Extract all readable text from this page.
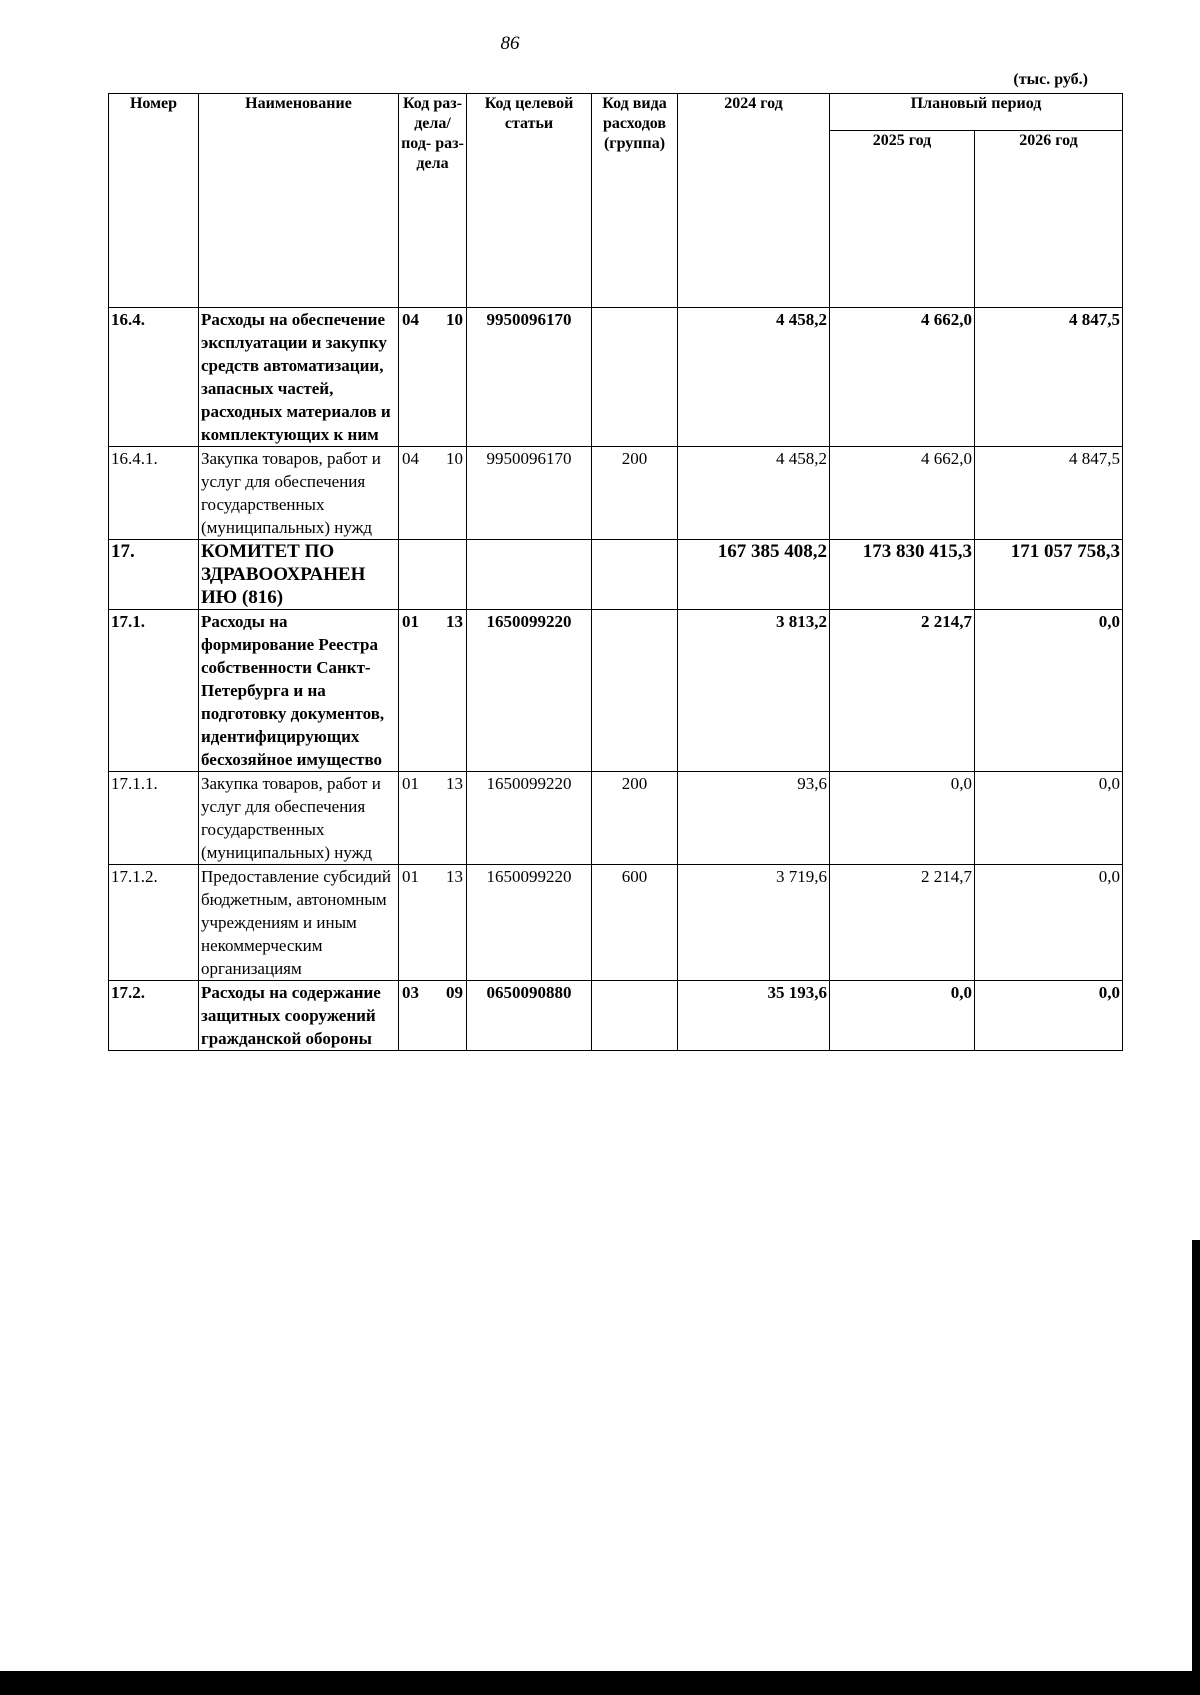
86
(тыс. руб.)
Номер	Наименование	Код раз- дела/ под- раз- дела	Код целевой статьи	Код вида расходов (группа)	2024 год	Плановый период	
						2025 год	2026 год
16.4.	Расходы на обеспечение эксплуатации и закупку средств автоматизации, запасных частей, расходных материалов и комплектующих к ним	04 10	9950096170		4 458,2	4 662,0	4 847,5
16.4.1.	Закупка товаров, работ и услуг для обеспечения государственных (муниципальных) нужд	04 10	9950096170	200	4 458,2	4 662,0	4 847,5
17.	КОМИТЕТ ПО ЗДРАВООХРАНЕН ИЮ (816)				167 385 408,2	173 830 415,3	171 057 758,3
17.1.	Расходы на формирование Реестра собственности Санкт-Петербурга и на подготовку документов, идентифицирующих бесхозяйное имущество	01 13	1650099220		3 813,2	2 214,7	0,0
17.1.1.	Закупка товаров, работ и услуг для обеспечения государственных (муниципальных) нужд	01 13	1650099220	200	93,6	0,0	0,0
17.1.2.	Предоставление субсидий бюджетным, автономным учреждениям и иным некоммерческим организациям	01 13	1650099220	600	3 719,6	2 214,7	0,0
17.2.	Расходы на содержание защитных сооружений гражданской обороны	03 09	0650090880		35 193,6	0,0	0,0
